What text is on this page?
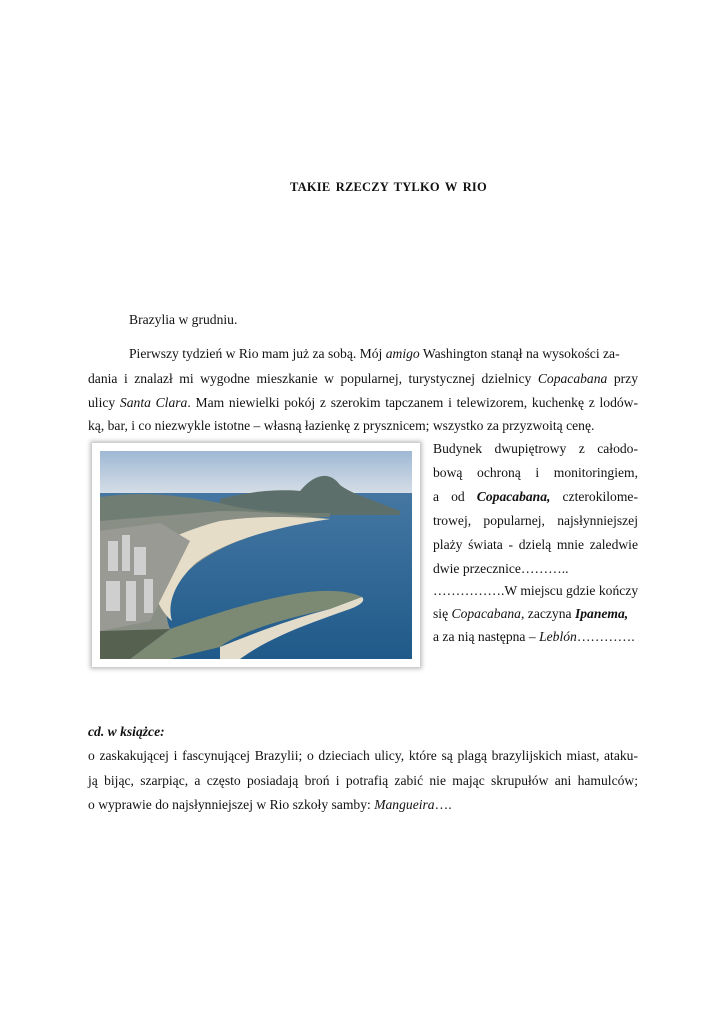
TAKIE RZECZY TYLKO W RIO
Brazylia w grudniu.
Pierwszy tydzień w Rio mam już za sobą. Mój amigo Washington stanął na wysokości za-
dania i znalazł mi wygodne mieszkanie w popularnej, turystycznej dzielnicy Copacabana przy
ulicy Santa Clara. Mam niewielki pokój z szerokim tapczanem i telewizorem, kuchenkę z lodów-
ką, bar, i co niezwykle istotne – własną łazienkę z prysznicem; wszystko za przyzwoitą cenę.
Budynek dwupiętrowy z całodo-
bową ochroną i monitoringiem,
a od Copacabana, czterokilome-
trowej, popularnej, najsłynniejszej
plaży świata - dzielą mnie zaledwie
dwie przecznice………..
…………….W miejscu gdzie kończy
się Copacabana, zaczyna Ipanema,
a za nią następna – Leblón………….
cd. w książce:
o zaskakującej i fascynującej Brazylii; o dzieciach ulicy, które są plagą brazylijskich miast, ataku-
ją bijąc, szarpiąc, a często posiadają broń i potrafią zabić nie mając skrupułów ani hamulców;
o wyprawie do najsłynniejszej w Rio szkoły samby: Mangueira….
